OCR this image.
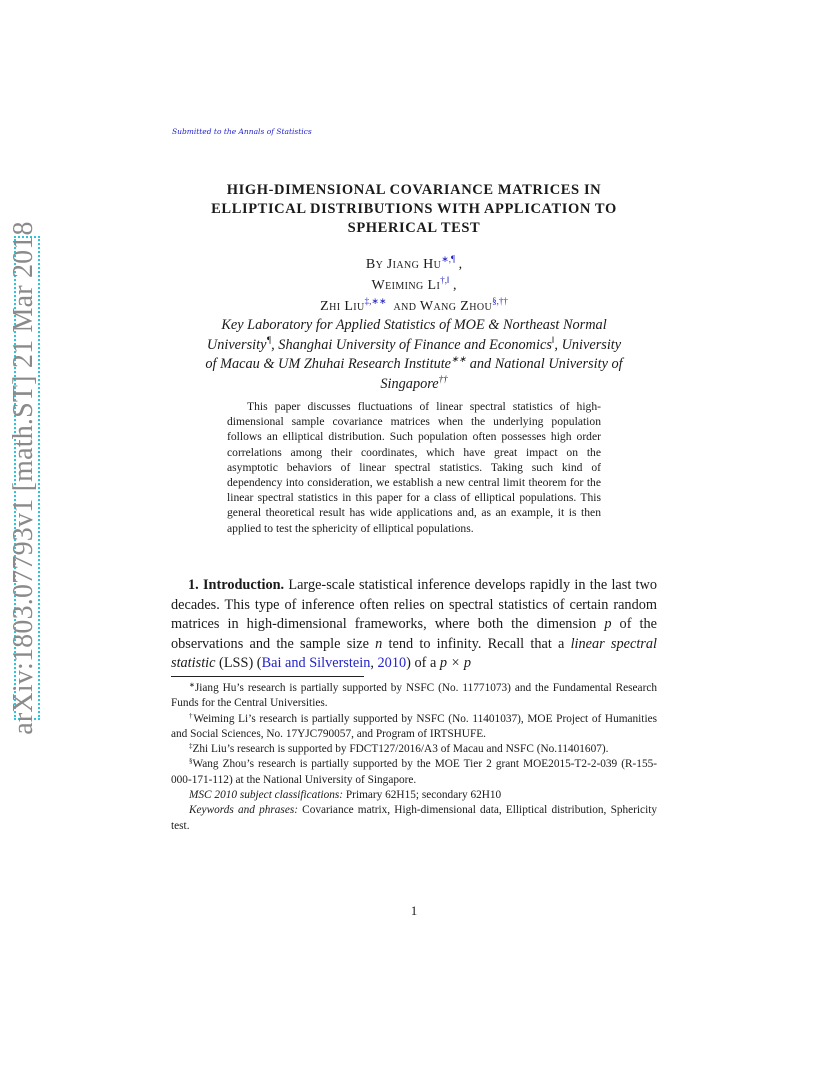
arXiv:1803.07793v1 [math.ST] 21 Mar 2018
Submitted to the Annals of Statistics
HIGH-DIMENSIONAL COVARIANCE MATRICES IN
ELLIPTICAL DISTRIBUTIONS WITH APPLICATION TO
SPHERICAL TEST
By Jiang Hu∗,¶ ,
Weiming Li†,‖ ,
Zhi Liu‡,∗∗ and Wang Zhou§,††
Key Laboratory for Applied Statistics of MOE & Northeast Normal
University¶, Shanghai University of Finance and Economics‖, University
of Macau & UM Zhuhai Research Institute∗∗ and National University of
Singapore††
This paper discusses fluctuations of linear spectral statistics of high-dimensional sample covariance matrices when the underlying population follows an elliptical distribution. Such population often possesses high order correlations among their coordinates, which have great impact on the asymptotic behaviors of linear spectral statistics. Taking such kind of dependency into consideration, we establish a new central limit theorem for the linear spectral statistics in this paper for a class of elliptical populations. This general theoretical result has wide applications and, as an example, it is then applied to test the sphericity of elliptical populations.
1. Introduction. Large-scale statistical inference develops rapidly in the last two decades. This type of inference often relies on spectral statistics of certain random matrices in high-dimensional frameworks, where both the dimension p of the observations and the sample size n tend to infinity. Recall that a linear spectral statistic (LSS) (Bai and Silverstein, 2010) of a p × p

∗Jiang Hu’s research is partially supported by NSFC (No. 11771073) and the Fundamental Research Funds for the Central Universities.

†Weiming Li’s research is partially supported by NSFC (No. 11401037), MOE Project of Humanities and Social Sciences, No. 17YJC790057, and Program of IRTSHUFE.

‡Zhi Liu’s research is supported by FDCT127/2016/A3 of Macau and NSFC (No.11401607).

§Wang Zhou’s research is partially supported by the MOE Tier 2 grant MOE2015-T2-2-039 (R-155-000-171-112) at the National University of Singapore.

MSC 2010 subject classifications: Primary 62H15; secondary 62H10

Keywords and phrases: Covariance matrix, High-dimensional data, Elliptical distribution, Sphericity test.

1
